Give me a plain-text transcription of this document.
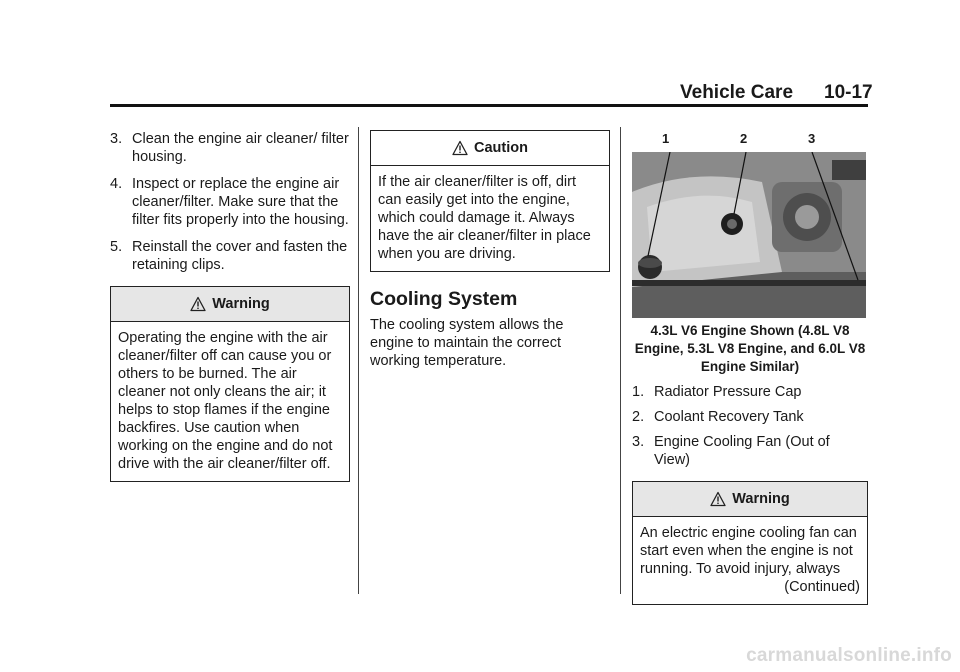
Vehicle Care 10-17
3. Clean the engine air cleaner/ filter housing.
4. Inspect or replace the engine air cleaner/filter. Make sure that the filter fits properly into the housing.
5. Reinstall the cover and fasten the retaining clips.
Warning
Operating the engine with the air cleaner/filter off can cause you or others to be burned. The air cleaner not only cleans the air; it helps to stop flames if the engine backfires. Use caution when working on the engine and do not drive with the air cleaner/filter off.
Caution
If the air cleaner/filter is off, dirt can easily get into the engine, which could damage it. Always have the air cleaner/filter in place when you are driving.
Cooling System
The cooling system allows the engine to maintain the correct working temperature.
1	2	3
4.3L V6 Engine Shown (4.8L V8 Engine, 5.3L V8 Engine, and 6.0L V8 Engine Similar)
1. Radiator Pressure Cap
2. Coolant Recovery Tank
3. Engine Cooling Fan (Out of View)
Warning
An electric engine cooling fan can start even when the engine is not running. To avoid injury, always
(Continued)
carmanualsonline.info
